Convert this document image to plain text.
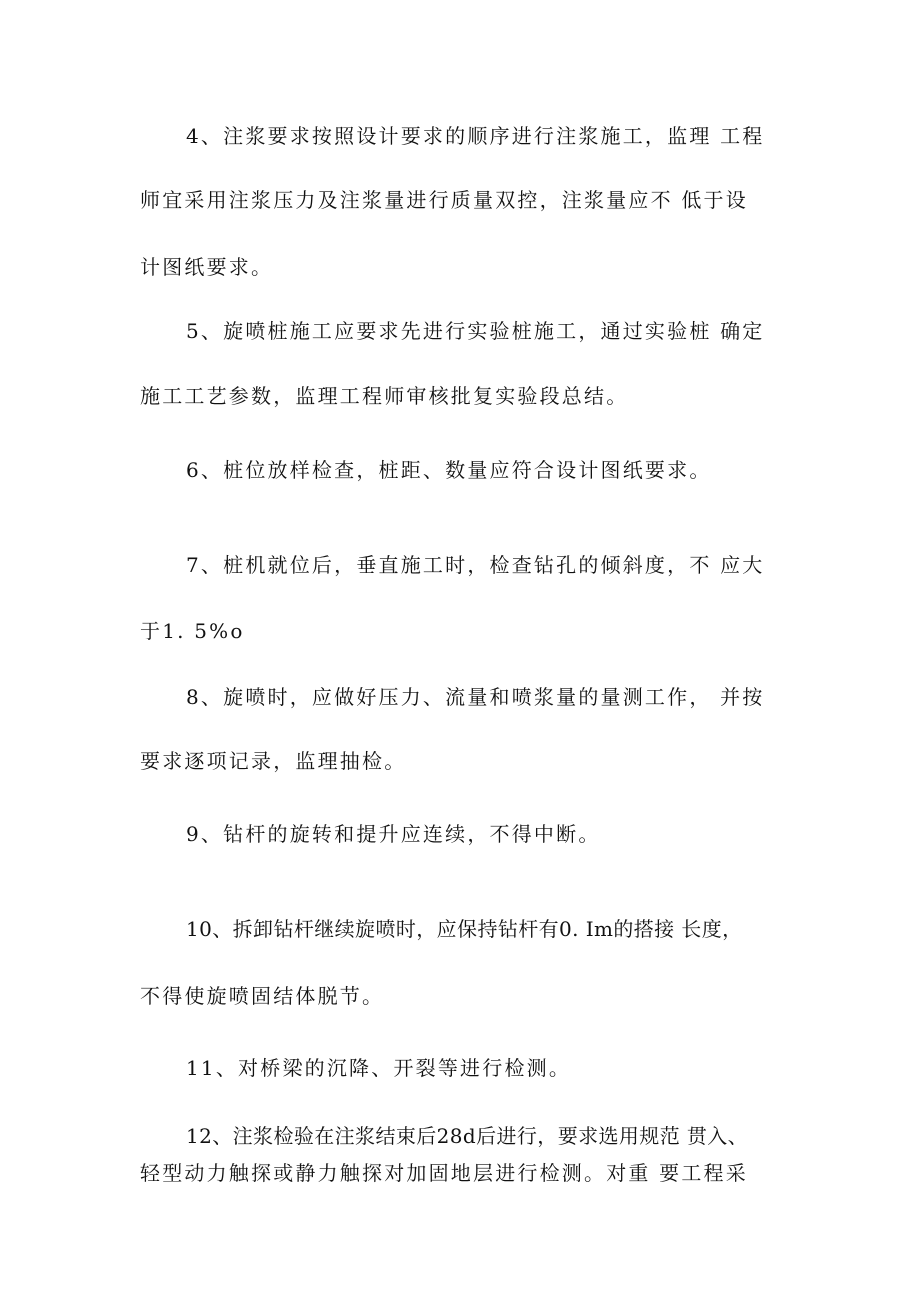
4、注浆要求按照设计要求的顺序进行注浆施工，监理 工程
师宜采用注浆压力及注浆量进行质量双控，注浆量应不 低于设
计图纸要求。
5、旋喷桩施工应要求先进行实验桩施工，通过实验桩 确定
施工工艺参数，监理工程师审核批复实验段总结。
6、桩位放样检查，桩距、数量应符合设计图纸要求。
7、桩机就位后，垂直施工时，检查钻孔的倾斜度，不 应大
于1. 5%o
8、旋喷时，应做好压力、流量和喷浆量的量测工作， 并按
要求逐项记录，监理抽检。
9、钻杆的旋转和提升应连续，不得中断。
10、拆卸钻杆继续旋喷时，应保持钻杆有0. Im的搭接 长度，
不得使旋喷固结体脱节。
11、对桥梁的沉降、开裂等进行检测。
12、注浆检验在注浆结束后28d后进行，要求选用规范 贯入、
轻型动力触探或静力触探对加固地层进行检测。对重 要工程采
